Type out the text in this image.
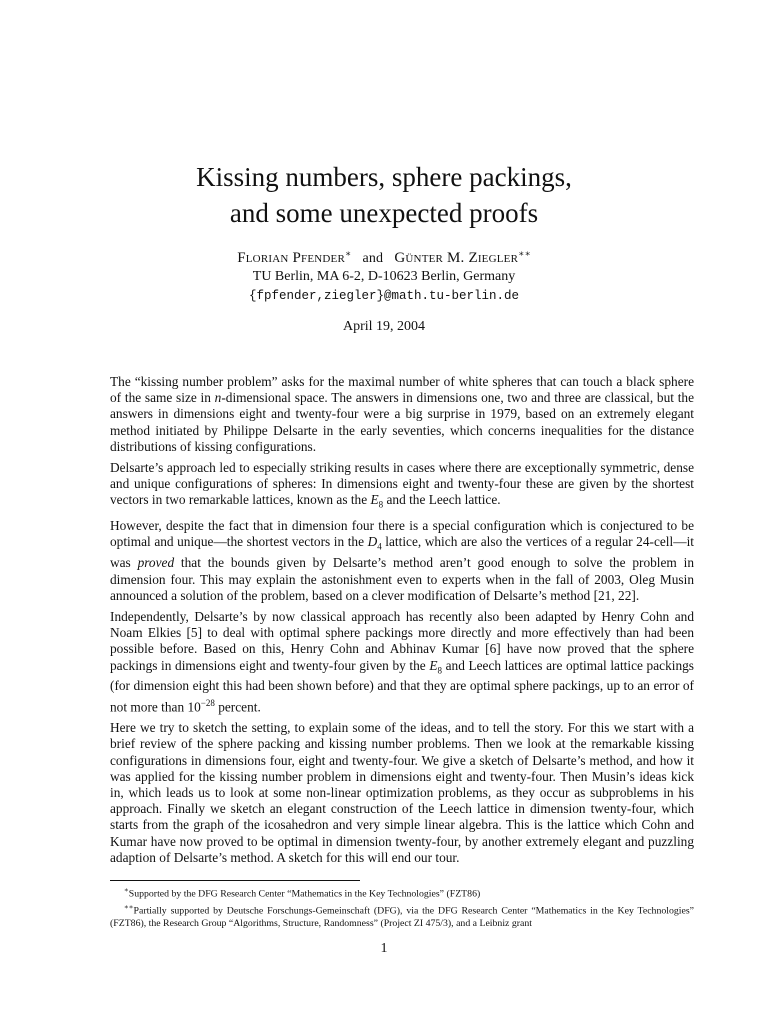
Kissing numbers, sphere packings,
and some unexpected proofs
Florian Pfender∗ and Günter M. Ziegler∗∗
TU Berlin, MA 6-2, D-10623 Berlin, Germany
{fpfender,ziegler}@math.tu-berlin.de
April 19, 2004

The “kissing number problem” asks for the maximal number of white spheres that can touch a black sphere of the same size in n-dimensional space. The answers in dimensions one, two and three are classical, but the answers in dimensions eight and twenty-four were a big surprise in 1979, based on an extremely elegant method initiated by Philippe Delsarte in the early seventies, which concerns inequalities for the distance distributions of kissing configurations.

Delsarte’s approach led to especially striking results in cases where there are exceptionally symmetric, dense and unique configurations of spheres: In dimensions eight and twenty-four these are given by the shortest vectors in two remarkable lattices, known as the $E_8$ and the Leech lattice.

However, despite the fact that in dimension four there is a special configuration which is conjectured to be optimal and unique—the shortest vectors in the $D_4$ lattice, which are also the vertices of a regular 24-cell—it was proved that the bounds given by Delsarte’s method aren’t good enough to solve the problem in dimension four. This may explain the astonishment even to experts when in the fall of 2003, Oleg Musin announced a solution of the problem, based on a clever modification of Delsarte’s method [21, 22].

Independently, Delsarte’s by now classical approach has recently also been adapted by Henry Cohn and Noam Elkies [5] to deal with optimal sphere packings more directly and more effectively than had been possible before. Based on this, Henry Cohn and Abhinav Kumar [6] have now proved that the sphere packings in dimensions eight and twenty-four given by the $E_8$ and Leech lattices are optimal lattice packings (for dimension eight this had been shown before) and that they are optimal sphere packings, up to an error of not more than $10^{-28}$ percent.

Here we try to sketch the setting, to explain some of the ideas, and to tell the story. For this we start with a brief review of the sphere packing and kissing number problems. Then we look at the remarkable kissing configurations in dimensions four, eight and twenty-four. We give a sketch of Delsarte’s method, and how it was applied for the kissing number problem in dimensions eight and twenty-four. Then Musin’s ideas kick in, which leads us to look at some non-linear optimization problems, as they occur as subproblems in his approach. Finally we sketch an elegant construction of the Leech lattice in dimension twenty-four, which starts from the graph of the icosahedron and very simple linear algebra. This is the lattice which Cohn and Kumar have now proved to be optimal in dimension twenty-four, by another extremely elegant and puzzling adaption of Delsarte’s method. A sketch for this will end our tour.

∗Supported by the DFG Research Center “Mathematics in the Key Technologies” (FZT86)

∗∗Partially supported by Deutsche Forschungs-Gemeinschaft (DFG), via the DFG Research Center “Mathematics in the Key Technologies” (FZT86), the Research Group “Algorithms, Structure, Randomness” (Project ZI 475/3), and a Leibniz grant

1
